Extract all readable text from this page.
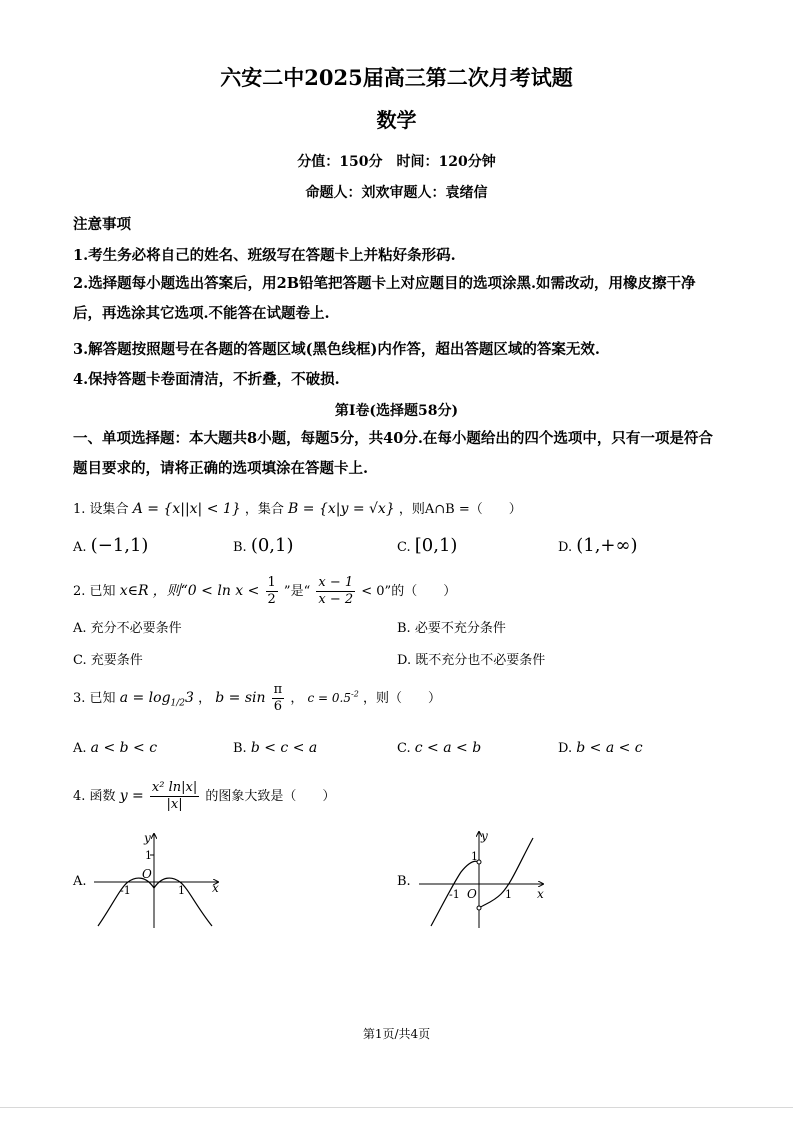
六安二中2025届高三第二次月考试题
数学
分值：150分　时间：120分钟
命题人：刘欢审题人：袁绪信
注意事项
1.考生务必将自己的姓名、班级写在答题卡上并粘好条形码.
2.选择题每小题选出答案后，用2B铅笔把答题卡上对应题目的选项涂黑.如需改动，用橡皮擦干净后，再选涂其它选项.不能答在试题卷上.
3.解答题按照题号在各题的答题区域(黑色线框)内作答，超出答题区域的答案无效.
4.保持答题卡卷面清洁，不折叠，不破损.
第Ⅰ卷(选择题58分)
一、单项选择题：本大题共8小题，每题5分，共40分.在每小题给出的四个选项中，只有一项是符合题目要求的，请将正确的选项填涂在答题卡上.
1. 设集合 A = {x||x| < 1} ，集合 B = {x|y = √x} ，则A∩B =（　　）
A. (−1,1)	B. (0,1)	C. [0,1)	D. (1,+∞)
2. 已知 x∈R ，则“$0 < \ln x < \frac{1}{2}$ ”是“ $\frac{x - 1}{x - 2} < 0$”的（　　）
A. 充分不必要条件	B. 必要不充分条件
C. 充要条件	D. 既不充分也不必要条件
3. 已知 $a = \log_{1/2}3$ ， $b = \sin \frac{\pi}{6}$ ， $c = 0.5^{-2}$ ，则（　　）
A. a < b < c	B. b < c < a	C. c < a < b	D. b < a < c
4. 函数 $y = \frac{\text{x² ln|x|}}{|x|}$ 的图象大致是（　　）
A.	x
y
O
-1	1
1
B.
x
y
O
-1	1
1
第1页/共4页
